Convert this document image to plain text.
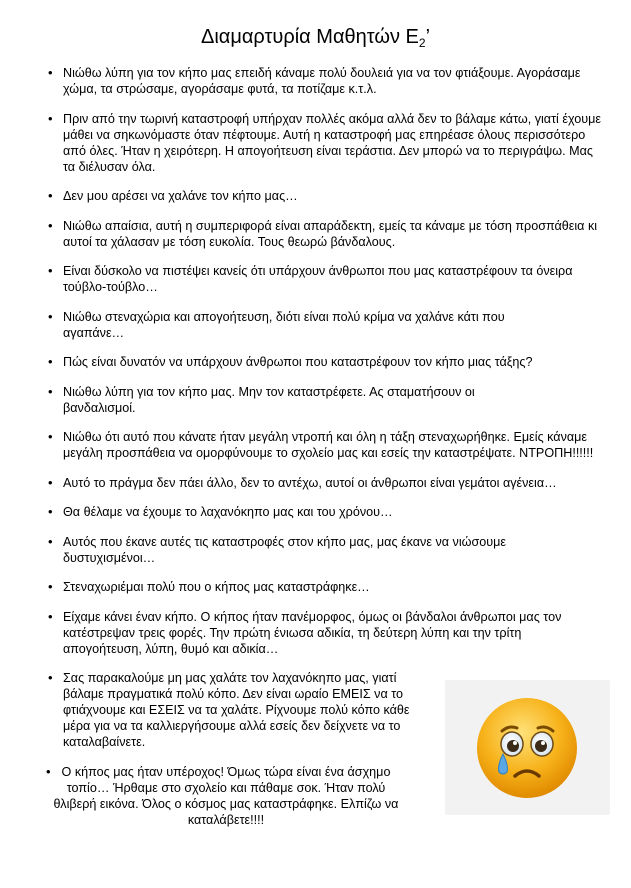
Διαμαρτυρία Μαθητών $E_2$’
• Νιώθω λύπη για τον κήπο μας επειδή κάναμε πολύ δουλειά για να τον φτιάξουμε. Αγοράσαμε χώμα, τα στρώσαμε, αγοράσαμε φυτά, τα ποτίζαμε κ.τ.λ.
• Πριν από την τωρινή καταστροφή υπήρχαν πολλές ακόμα αλλά δεν το βάλαμε κάτω, γιατί έχουμε μάθει να σηκωνόμαστε όταν πέφτουμε. Αυτή η καταστροφή μας επηρέασε όλους περισσότερο από όλες. Ήταν η χειρότερη. Η απογοήτευση είναι τεράστια. Δεν μπορώ να το περιγράψω. Μας τα διέλυσαν όλα.
• Δεν μου αρέσει να χαλάνε τον κήπο μας…
• Νιώθω απαίσια, αυτή η συμπεριφορά είναι απαράδεκτη, εμείς τα κάναμε με τόση προσπάθεια κι αυτοί τα χάλασαν με τόση ευκολία. Τους θεωρώ βάνδαλους.
• Είναι δύσκολο να πιστέψει κανείς ότι υπάρχουν άνθρωποι που μας καταστρέφουν τα όνειρα τούβλο-τούβλο…
• Νιώθω στεναχώρια και απογοήτευση, διότι είναι πολύ κρίμα να χαλάνε κάτι που αγαπάνε…
• Πώς είναι δυνατόν να υπάρχουν άνθρωποι που καταστρέφουν τον κήπο μιας τάξης?
• Νιώθω λύπη για τον κήπο μας. Μην τον καταστρέφετε. Ας σταματήσουν οι βανδαλισμοί.
• Νιώθω ότι αυτό που κάνατε ήταν μεγάλη ντροπή και όλη η τάξη στεναχωρήθηκε. Εμείς κάναμε μεγάλη προσπάθεια να ομορφύνουμε το σχολείο μας και εσείς την καταστρέψατε. ΝΤΡΟΠΗ!!!!!!
• Αυτό το πράγμα δεν πάει άλλο, δεν το αντέχω, αυτοί οι άνθρωποι είναι γεμάτοι αγένεια…
• Θα θέλαμε να έχουμε το λαχανόκηπο μας και του χρόνου…
• Αυτός που έκανε αυτές τις καταστροφές στον κήπο μας, μας έκανε να νιώσουμε δυστυχισμένοι…
• Στεναχωριέμαι πολύ που ο κήπος μας καταστράφηκε…
• Είχαμε κάνει έναν κήπο. Ο κήπος ήταν πανέμορφος, όμως οι βάνδαλοι άνθρωποι μας τον κατέστρεψαν τρεις φορές. Την πρώτη ένιωσα αδικία, τη δεύτερη λύπη και την τρίτη απογοήτευση, λύπη, θυμό και αδικία…
• Σας παρακαλούμε μη μας χαλάτε τον λαχανόκηπο μας, γιατί βάλαμε πραγματικά πολύ κόπο. Δεν είναι ωραίο ΕΜΕΙΣ να το φτιάχνουμε και ΕΣΕΙΣ να τα χαλάτε. Ρίχνουμε πολύ κόπο κάθε μέρα για να τα καλλιεργήσουμε αλλά εσείς δεν δείχνετε να το καταλαβαίνετε.
• Ο κήπος μας ήταν υπέροχος! Όμως τώρα είναι ένα άσχημο τοπίο… Ήρθαμε στο σχολείο και πάθαμε σοκ. Ήταν πολύ θλιβερή εικόνα. Όλος ο κόσμος μας καταστράφηκε. Ελπίζω να καταλάβετε!!!!
